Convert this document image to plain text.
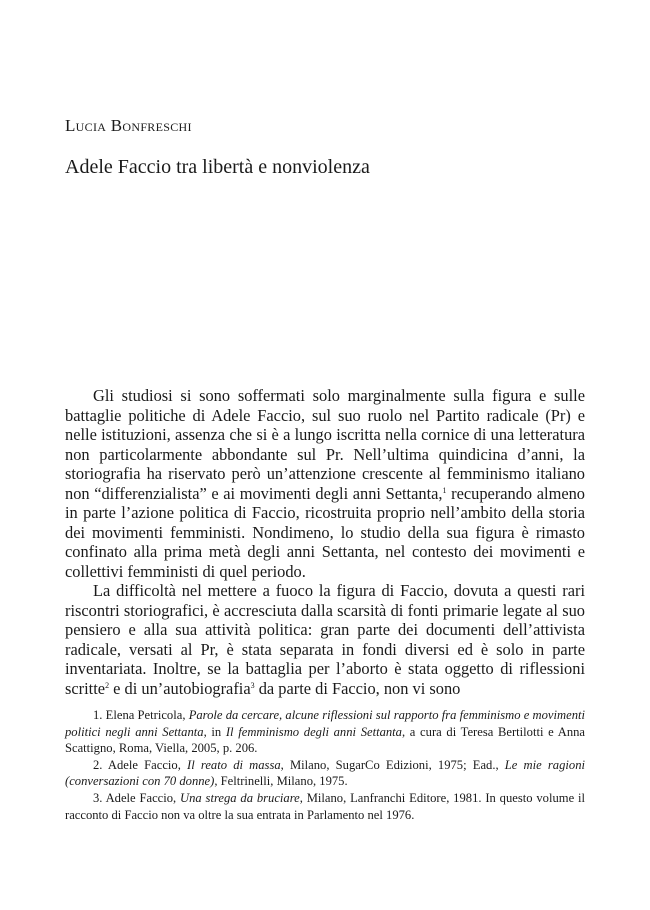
Lucia Bonfreschi
Adele Faccio tra libertà e nonviolenza

Gli studiosi si sono soffermati solo marginalmente sulla figura e sulle battaglie politiche di Adele Faccio, sul suo ruolo nel Partito radicale (Pr) e nelle istituzioni, assenza che si è a lungo iscritta nella cornice di una letteratura non particolarmente abbondante sul Pr. Nell’ultima quindicina d’anni, la storiografia ha riservato però un’attenzione crescente al femminismo italiano non “differenzialista” e ai movimenti degli anni Settanta,$^1$ recuperando almeno in parte l’azione politica di Faccio, ricostruita proprio nell’ambito della storia dei movimenti femministi. Nondimeno, lo studio della sua figura è rimasto confinato alla prima metà degli anni Settanta, nel contesto dei movimenti e collettivi femministi di quel periodo.

La difficoltà nel mettere a fuoco la figura di Faccio, dovuta a questi rari riscontri storiografici, è accresciuta dalla scarsità di fonti primarie legate al suo pensiero e alla sua attività politica: gran parte dei documenti dell’attivista radicale, versati al Pr, è stata separata in fondi diversi ed è solo in parte inventariata. Inoltre, se la battaglia per l’aborto è stata oggetto di riflessioni scritte$^2$ e di un’autobiografia$^3$ da parte di Faccio, non vi sono

1. Elena Petricola, Parole da cercare, alcune riflessioni sul rapporto fra femminismo e movimenti politici negli anni Settanta, in Il femminismo degli anni Settanta, a cura di Teresa Bertilotti e Anna Scattigno, Roma, Viella, 2005, p. 206.

2. Adele Faccio, Il reato di massa, Milano, SugarCo Edizioni, 1975; Ead., Le mie ragioni (conversazioni con 70 donne), Feltrinelli, Milano, 1975.

3. Adele Faccio, Una strega da bruciare, Milano, Lanfranchi Editore, 1981. In questo volume il racconto di Faccio non va oltre la sua entrata in Parlamento nel 1976.
